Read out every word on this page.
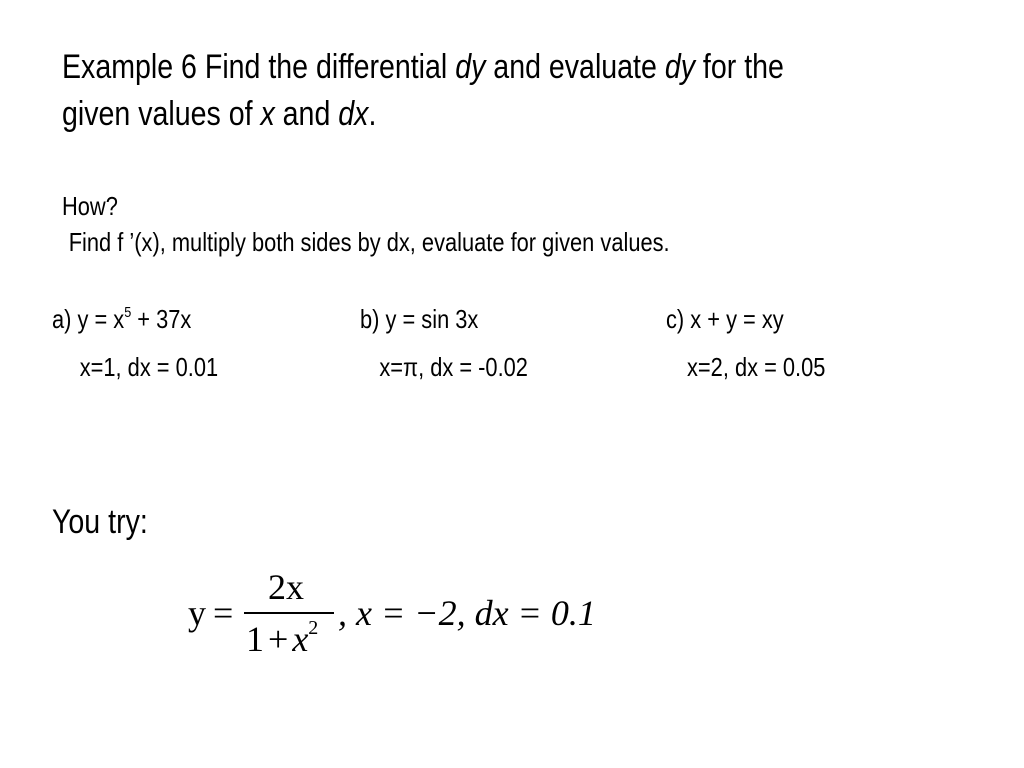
Example 6 Find the differential dy and evaluate dy for the
given values of x and dx.
How?
Find f ’(x), multiply both sides by dx, evaluate for given values.
a) $y = x^5 + 37x$
x=1, dx = 0.01
b) y = sin 3x
x=π, dx = -0.02
c) x + y = xy
x=2, dx = 0.05
You try:
y =
2x
$1 + x^2$ , x = −2, dx = 0.1
